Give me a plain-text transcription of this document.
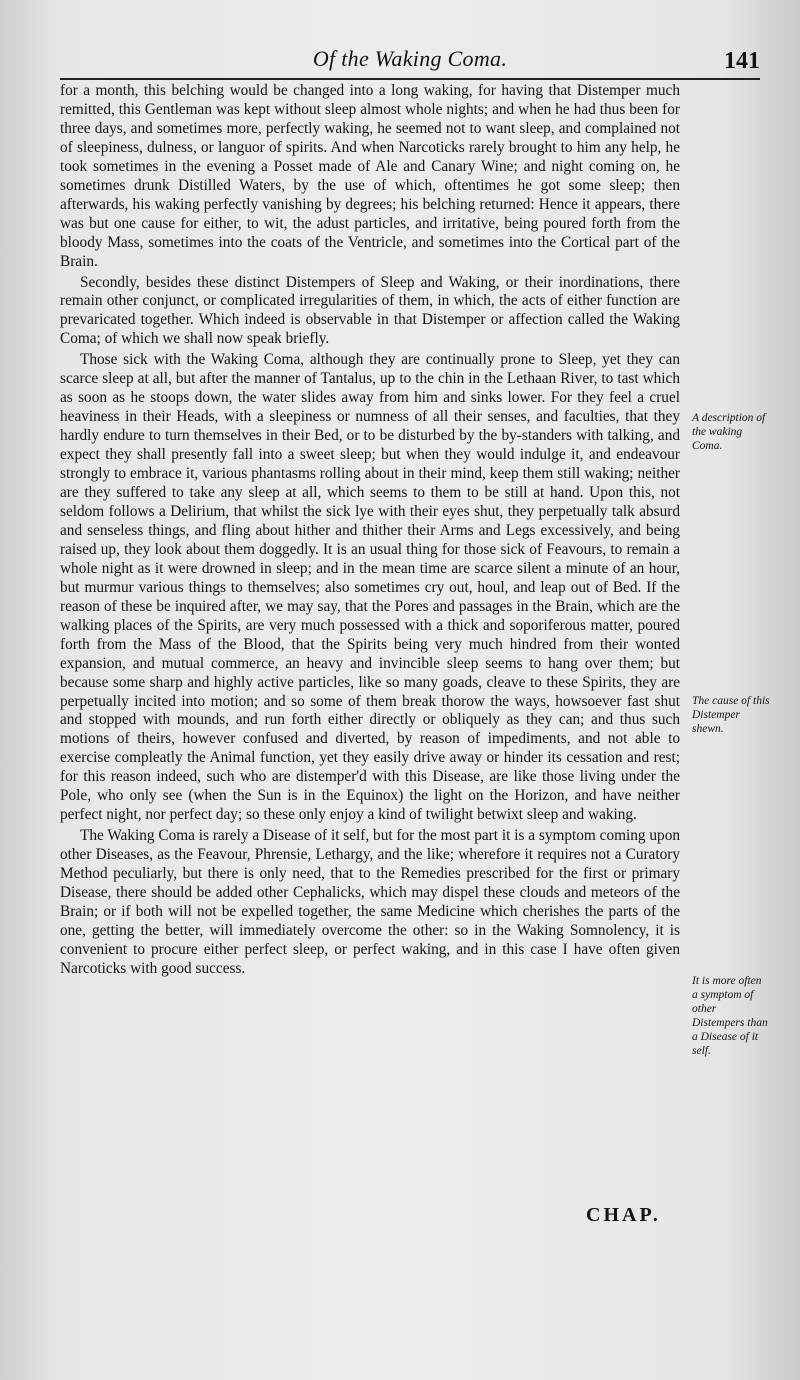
Of the Waking Coma.	141

for a month, this belching would be changed into a long waking, for having that Distemper much remitted, this Gentleman was kept without sleep almost whole nights; and when he had thus been for three days, and sometimes more, perfectly waking, he seemed not to want sleep, and complained not of sleepiness, dulness, or languor of spirits. And when Narcoticks rarely brought to him any help, he took sometimes in the evening a Posset made of Ale and Canary Wine; and night coming on, he sometimes drunk Distilled Waters, by the use of which, oftentimes he got some sleep; then afterwards, his waking perfectly vanishing by degrees; his belching returned: Hence it appears, there was but one cause for either, to wit, the adust particles, and irritative, being poured forth from the bloody Mass, sometimes into the coats of the Ventricle, and sometimes into the Cortical part of the Brain.

Secondly, besides these distinct Distempers of Sleep and Waking, or their inordinations, there remain other conjunct, or complicated irregularities of them, in which, the acts of either function are prevaricated together. Which indeed is observable in that Distemper or affection called the Waking Coma; of which we shall now speak briefly.

Those sick with the Waking Coma, although they are continually prone to Sleep, yet they can scarce sleep at all, but after the manner of Tantalus, up to the chin in the Lethaan River, to tast which as soon as he stoops down, the water slides away from him and sinks lower. For they feel a cruel heaviness in their Heads, with a sleepiness or numness of all their senses, and faculties, that they hardly endure to turn themselves in their Bed, or to be disturbed by the by-standers with talking, and expect they shall presently fall into a sweet sleep; but when they would indulge it, and endeavour strongly to embrace it, various phantasms rolling about in their mind, keep them still waking; neither are they suffered to take any sleep at all, which seems to them to be still at hand. Upon this, not seldom follows a Delirium, that whilst the sick lye with their eyes shut, they perpetually talk absurd and senseless things, and fling about hither and thither their Arms and Legs excessively, and being raised up, they look about them doggedly. It is an usual thing for those sick of Feavours, to remain a whole night as it were drowned in sleep; and in the mean time are scarce silent a minute of an hour, but murmur various things to themselves; also sometimes cry out, houl, and leap out of Bed. If the reason of these be inquired after, we may say, that the Pores and passages in the Brain, which are the walking places of the Spirits, are very much possessed with a thick and soporiferous matter, poured forth from the Mass of the Blood, that the Spirits being very much hindred from their wonted expansion, and mutual commerce, an heavy and invincible sleep seems to hang over them; but because some sharp and highly active particles, like so many goads, cleave to these Spirits, they are perpetually incited into motion; and so some of them break thorow the ways, howsoever fast shut and stopped with mounds, and run forth either directly or obliquely as they can; and thus such motions of theirs, however confused and diverted, by reason of impediments, and not able to exercise compleatly the Animal function, yet they easily drive away or hinder its cessation and rest; for this reason indeed, such who are distemper'd with this Disease, are like those living under the Pole, who only see (when the Sun is in the Equinox) the light on the Horizon, and have neither perfect night, nor perfect day; so these only enjoy a kind of twilight betwixt sleep and waking.

The Waking Coma is rarely a Disease of it self, but for the most part it is a symptom coming upon other Diseases, as the Feavour, Phrensie, Lethargy, and the like; wherefore it requires not a Curatory Method peculiarly, but there is only need, that to the Remedies prescribed for the first or primary Disease, there should be added other Cephalicks, which may dispel these clouds and meteors of the Brain; or if both will not be expelled together, the same Medicine which cherishes the parts of the one, getting the better, will immediately overcome the other: so in the Waking Somnolency, it is convenient to procure either perfect sleep, or perfect waking, and in this case I have often given Narcoticks with good success.

A description of the waking Coma.
The cause of this Distemper shewn.
It is more often a symptom of other Distempers than a Disease of it self.
CHAP.
